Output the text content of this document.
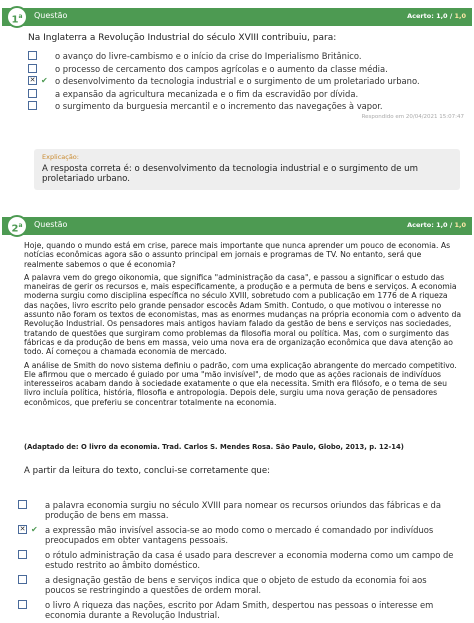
1$^a$	Questão	Acerto: 1,0 / 1,0
Na Inglaterra a Revolução Industrial do século XVIII contribuiu, para:
o avanço do livre-cambismo e o início da crise do Imperialismo Britânico.
o processo de cercamento dos campos agrícolas e o aumento da classe média.
✕ ✔ o desenvolvimento da tecnologia industrial e o surgimento de um proletariado urbano.
a expansão da agricultura mecanizada e o fim da escravidão por dívida.
o surgimento da burguesia mercantil e o incremento das navegações à vapor.
Respondido em 20/04/2021 15:07:47
Explicação:
A resposta correta é: o desenvolvimento da tecnologia industrial e o surgimento de um proletariado urbano.
2$^a$	Questão	Acerto: 1,0 / 1,0

Hoje, quando o mundo está em crise, parece mais importante que nunca aprender um pouco de economia. As notícias econômicas agora são o assunto principal em jornais e programas de TV. No entanto, será que realmente sabemos o que é economia?

A palavra vem do grego oikonomia, que significa "administração da casa", e passou a significar o estudo das maneiras de gerir os recursos e, mais especificamente, a produção e a permuta de bens e serviços. A economia moderna surgiu como disciplina específica no século XVIII, sobretudo com a publicação em 1776 de A riqueza das nações, livro escrito pelo grande pensador escocês Adam Smith. Contudo, o que motivou o interesse no assunto não foram os textos de economistas, mas as enormes mudanças na própria economia com o advento da Revolução Industrial. Os pensadores mais antigos haviam falado da gestão de bens e serviços nas sociedades, tratando de questões que surgiram como problemas da filosofia moral ou política. Mas, com o surgimento das fábricas e da produção de bens em massa, veio uma nova era de organização econômica que dava atenção ao todo. Aí começou a chamada economia de mercado.

A análise de Smith do novo sistema definiu o padrão, com uma explicação abrangente do mercado competitivo. Ele afirmou que o mercado é guiado por uma "mão invisível", de modo que as ações racionais de indivíduos interesseiros acabam dando à sociedade exatamente o que ela necessita. Smith era filósofo, e o tema de seu livro incluía política, história, filosofia e antropologia. Depois dele, surgiu uma nova geração de pensadores econômicos, que preferiu se concentrar totalmente na economia.

(Adaptado de: O livro da economia. Trad. Carlos S. Mendes Rosa. São Paulo, Globo, 2013, p. 12-14)
A partir da leitura do texto, conclui-se corretamente que:
a palavra economia surgiu no século XVIII para nomear os recursos oriundos das fábricas e da produção de bens em massa.
✕ ✔ a expressão mão invisível associa-se ao modo como o mercado é comandado por indivíduos preocupados em obter vantagens pessoais.
o rótulo administração da casa é usado para descrever a economia moderna como um campo de estudo restrito ao âmbito doméstico.
a designação gestão de bens e serviços indica que o objeto de estudo da economia foi aos poucos se restringindo a questões de ordem moral.
o livro A riqueza das nações, escrito por Adam Smith, despertou nas pessoas o interesse em economia durante a Revolução Industrial.
